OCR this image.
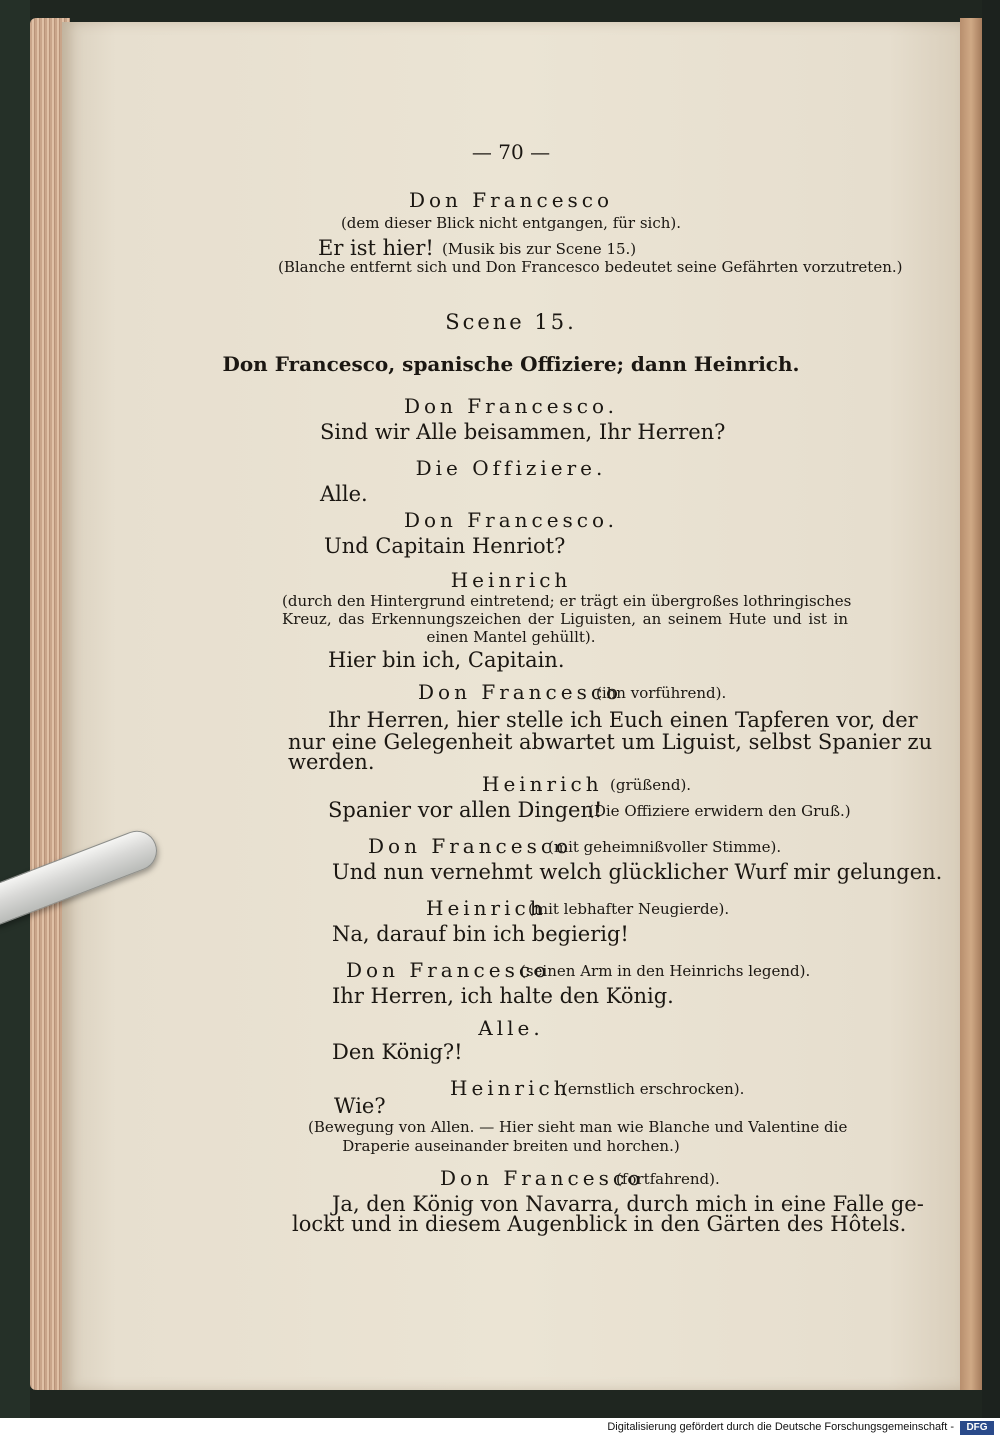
— 70 —
Don Francesco
(dem dieser Blick nicht entgangen, für sich).
Er ist hier! (Musik bis zur Scene 15.)
(Blanche entfernt sich und Don Francesco bedeutet seine Gefährten vorzutreten.)
Scene 15.
Don Francesco, spanische Offiziere; dann Heinrich.
Don Francesco.
Sind wir Alle beisammen, Ihr Herren?
Die Offiziere.
Alle.
Don Francesco.
Und Capitain Henriot?
Heinrich
(durch den Hintergrund eintretend; er trägt ein übergroßes lothringisches
Kreuz, das Erkennungszeichen der Liguisten, an seinem Hute und ist in
einen Mantel gehüllt).
Hier bin ich, Capitain.
Don Francesco
(ihn vorführend).
Ihr Herren, hier stelle ich Euch einen Tapferen vor, der
nur eine Gelegenheit abwartet um Liguist, selbst Spanier zu
werden.
Heinrich (grüßend).
Spanier vor allen Dingen!
(Die Offiziere erwidern den Gruß.)
Don Francesco
(mit geheimnißvoller Stimme).
Und nun vernehmt welch glücklicher Wurf mir gelungen.
Heinrich
(mit lebhafter Neugierde).
Na, darauf bin ich begierig!
Don Francesco
(seinen Arm in den Heinrichs legend).
Ihr Herren, ich halte den König.
Alle.
Den König?!
Heinrich
(ernstlich erschrocken).
Wie?
(Bewegung von Allen. — Hier sieht man wie Blanche und Valentine die
Draperie auseinander breiten und horchen.)
Don Francesco
(fortfahrend).
Ja, den König von Navarra, durch mich in eine Falle ge-
lockt und in diesem Augenblick in den Gärten des Hôtels.
Digitalisierung gefördert durch die Deutsche Forschungsgemeinschaft -	DFG
